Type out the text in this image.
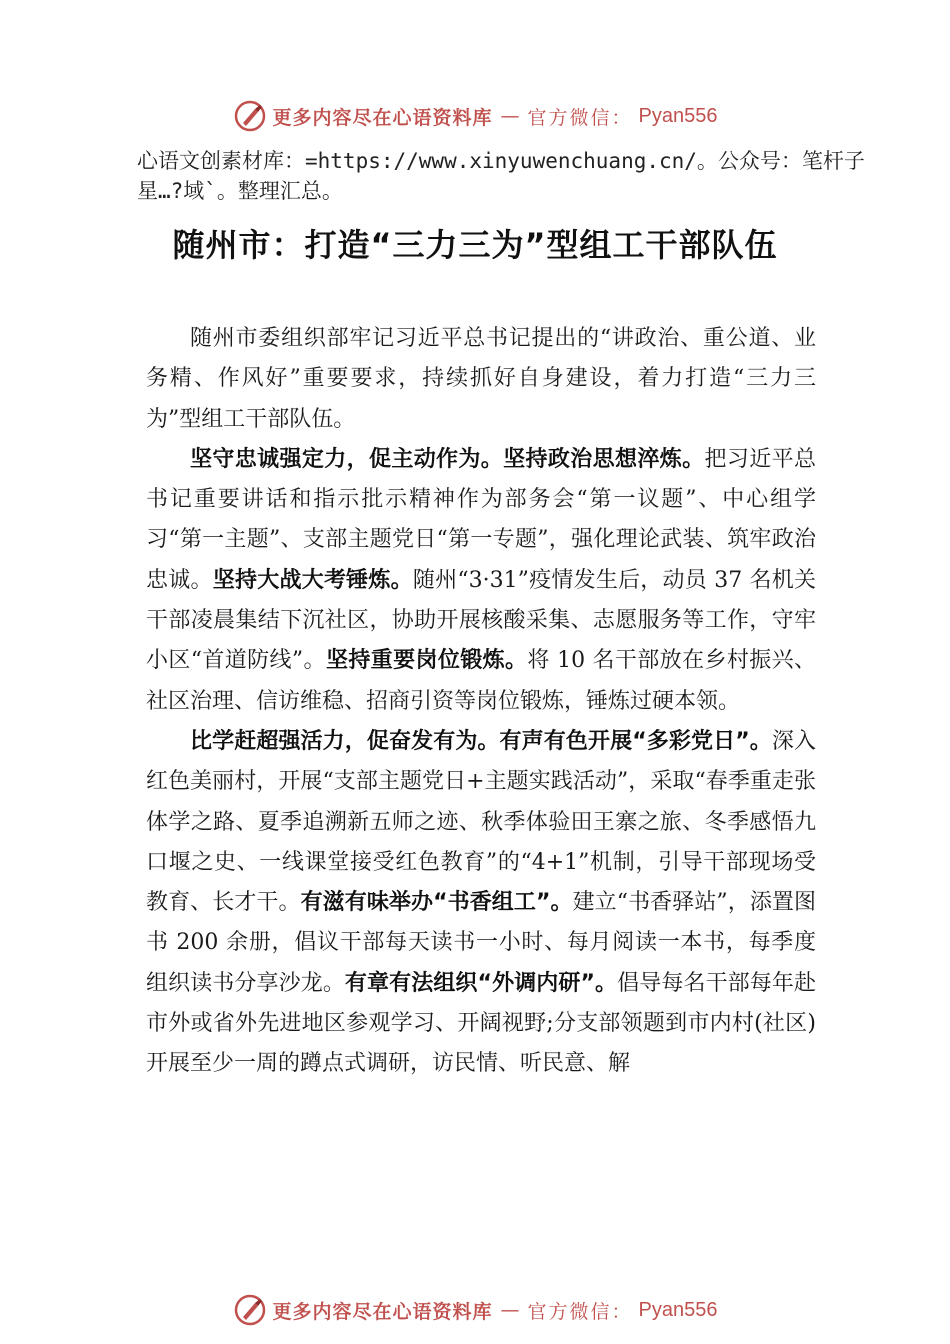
更多内容尽在心语资料库 — 官方微信： Pyan556
心语文创素材库：=https://www.xinyuwenchuang.cn/。公众号：笔杆子星…?域`。整理汇总。
随州市：打造“三力三为”型组工干部队伍

随州市委组织部牢记习近平总书记提出的“讲政治、重公道、业务精、作风好”重要要求，持续抓好自身建设，着力打造“三力三为”型组工干部队伍。

坚守忠诚强定力，促主动作为。坚持政治思想淬炼。把习近平总书记重要讲话和指示批示精神作为部务会“第一议题”、中心组学习“第一主题”、支部主题党日“第一专题”，强化理论武装、筑牢政治忠诚。坚持大战大考锤炼。随州“3·31”疫情发生后，动员 37 名机关干部凌晨集结下沉社区，协助开展核酸采集、志愿服务等工作，守牢小区“首道防线”。坚持重要岗位锻炼。将 10 名干部放在乡村振兴、社区治理、信访维稳、招商引资等岗位锻炼，锤炼过硬本领。

比学赶超强活力，促奋发有为。有声有色开展“多彩党日”。深入红色美丽村，开展“支部主题党日+主题实践活动”，采取“春季重走张体学之路、夏季追溯新五师之迹、秋季体验田王寨之旅、冬季感悟九口堰之史、一线课堂接受红色教育”的“4+1”机制，引导干部现场受教育、长才干。有滋有味举办“书香组工”。建立“书香驿站”，添置图书 200 余册，倡议干部每天读书一小时、每月阅读一本书，每季度组织读书分享沙龙。有章有法组织“外调内研”。倡导每名干部每年赴市外或省外先进地区参观学习、开阔视野;分支部领题到市内村(社区)开展至少一周的蹲点式调研，访民情、听民意、解

更多内容尽在心语资料库 — 官方微信： Pyan556
